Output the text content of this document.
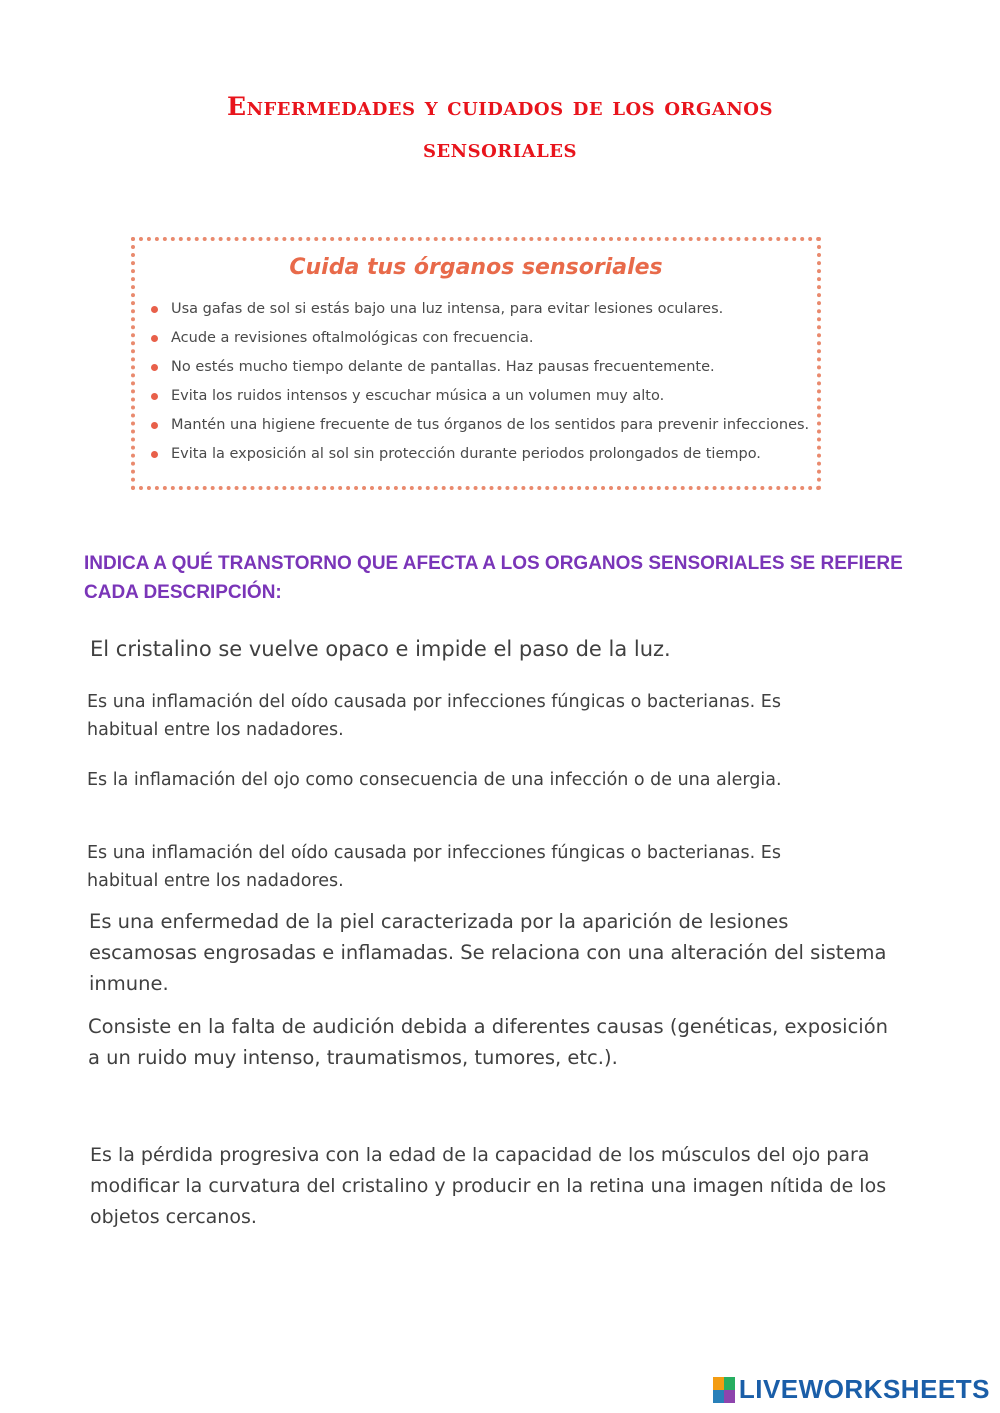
Enfermedades y cuidados de los organos
sensoriales
Cuida tus órganos sensoriales
Usa gafas de sol si estás bajo una luz intensa, para evitar lesiones oculares.
Acude a revisiones oftalmológicas con frecuencia.
No estés mucho tiempo delante de pantallas. Haz pausas frecuentemente.
Evita los ruidos intensos y escuchar música a un volumen muy alto.
Mantén una higiene frecuente de tus órganos de los sentidos para prevenir infecciones.
Evita la exposición al sol sin protección durante periodos prolongados de tiempo.
INDICA A QUÉ TRANSTORNO QUE AFECTA A LOS ORGANOS SENSORIALES SE REFIERE CADA DESCRIPCIÓN:
El cristalino se vuelve opaco e impide el paso de la luz.
Es una inflamación del oído causada por infecciones fúngicas o bacterianas. Es habitual entre los nadadores.
Es la inflamación del ojo como consecuencia de una infección o de una alergia.
Es una inflamación del oído causada por infecciones fúngicas o bacterianas. Es habitual entre los nadadores.
Es una enfermedad de la piel caracterizada por la aparición de lesiones escamosas engrosadas e inflamadas. Se relaciona con una alteración del sistema inmune.
Consiste en la falta de audición debida a diferentes causas (genéticas, exposición a un ruido muy intenso, traumatismos, tumores, etc.).
Es la pérdida progresiva con la edad de la capacidad de los músculos del ojo para modificar la curvatura del cristalino y producir en la retina una imagen nítida de los objetos cercanos.
LIVEWORKSHEETS
